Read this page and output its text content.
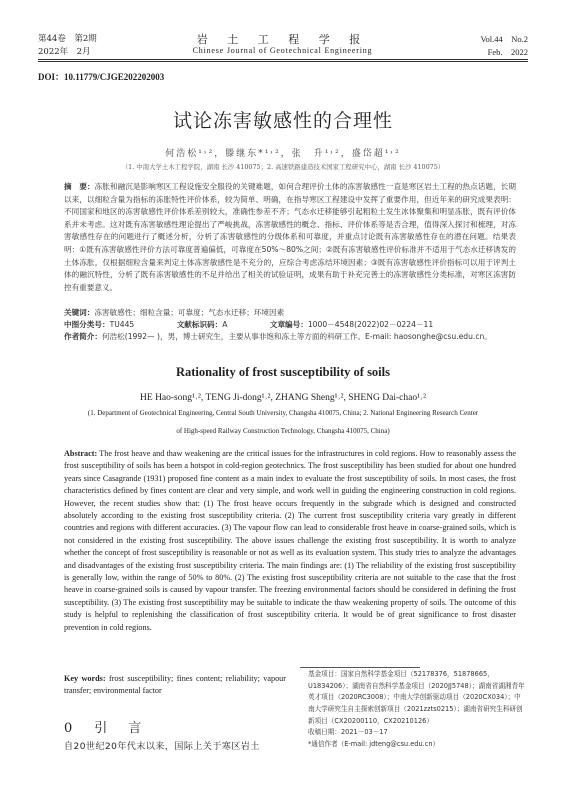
第44卷　第2期
2022年　2月
岩 土 工 程 学 报
Chinese Journal of Geotechnical Engineering
Vol.44　No.2
Feb.　2022
DOI：10.11779/CJGE202202003
试论冻害敏感性的合理性
何浩松¹˒²，滕继东*¹˒²，张　升¹˒²，盛岱超¹˒²
（1. 中南大学土木工程学院，湖南 长沙 410075；2. 高速铁路建造技术国家工程研究中心，湖南 长沙 410075）
摘　要：冻胀和融沉是影响寒区工程设施安全服役的关键难题，如何合理评价土体的冻害敏感性一直是寒区岩土工程的热点话题，长期以来，以细粒含量为指标的冻胀特性评价体系，较为简单、明确，在指导寒区工程建设中发挥了重要作用，但近年来的研究成果表明：不同国家和地区的冻害敏感性评价体系差别较大，准确性参差不齐；气态水迁移能够引起粗粒土发生冰体聚集和明显冻胀，既有评价体系并未考虑。这对既有冻害敏感性理论提出了严峻挑战，冻害敏感性的概念、指标、评价体系等是否合理，值得深入探讨和梳理，对冻害敏感性存在的问题进行了概述分析，分析了冻害敏感性的分级体系和可靠度，并重点讨论既有冻害敏感性存在的潜在问题。结果表明：①既有冻害敏感性评价方法可靠度普遍偏低，可靠度在50%～80%之间；②既有冻害敏感性评价标准并不适用于气态水迁移诱发的土体冻胀，仅根据细粒含量来判定土体冻害敏感性是不充分的，应综合考虑冻结环境因素；③既有冻害敏感性评价指标可以用于评判土体的融沉特性，分析了既有冻害敏感性的不足并给出了相关的试验证明，成果有助于补充完善土的冻害敏感性分类标准，对寒区冻害防控有重要意义。
关键词：冻害敏感性；细粒含量；可靠度；气态水迁移；环境因素
中图分类号：TU445	文献标识码：A	文章编号：1000－4548(2022)02－0224－11
作者简介：何浩松(1992— )，男，博士研究生，主要从事非饱和冻土等方面的科研工作。E-mail: haosonghe@csu.edu.cn。
Rationality of frost susceptibility of soils
HE Hao-song¹˒², TENG Ji-dong¹˒², ZHANG Sheng¹˒², SHENG Dai-chao¹˒²
(1. Department of Geotechnical Engineering, Central South University, Changsha 410075, China; 2. National Engineering Research Center
of High-speed Railway Construction Technology, Changsha 410075, China)
Abstract: The frost heave and thaw weakening are the critical issues for the infrastructures in cold regions. How to reasonably assess the frost susceptibility of soils has been a hotspot in cold-region geotechnics. The frost susceptibility has been studied for about one hundred years since Casagrande (1931) proposed fine content as a main index to evaluate the frost susceptibility of soils. In most cases, the frost characteristics defined by fines content are clear and very simple, and work well in guiding the engineering construction in cold regions. However, the recent studies show that: (1) The frost heave occurs frequently in the subgrade which is designed and constructed absolutely according to the existing frost susceptibility criteria. (2) The current frost susceptibility criteria vary greatly in different countries and regions with different accuracies. (3) The vapour flow can lead to considerable frost heave in coarse-grained soils, which is not considered in the existing frost susceptibility. The above issues challenge the existing frost susceptibility. It is worth to analyze whether the concept of frost susceptibility is reasonable or not as well as its evaluation system. This study tries to analyze the advantages and disadvantages of the existing frost susceptibility criteria. The main findings are: (1) The reliability of the existing frost susceptibility is generally low, within the range of 50% to 80%. (2) The existing frost susceptibility criteria are not suitable to the case that the frost heave in coarse-grained soils is caused by vapour transfer. The freezing environmental factors should be considered in defining the frost susceptibility. (3) The existing frost susceptibility may be suitable to indicate the thaw weakening property of soils. The outcome of this study is helpful to replenishing the classification of frost susceptibility criteria. It would be of great significance to frost disaster prevention in cold regions.
Key words: frost susceptibility; fines content; reliability; vapour transfer; environmental factor
0 引　言
自20世纪20年代末以来，国际上关于寒区岩土
基金项目：国家自然科学基金项目（52178376，51878665，U1834206）；湖南省自然科学基金项目（2020JJ5748）；湖南省湖湘青年英才项目（2020RC3008）；中南大学创新驱动项目（2020CX034）；中南大学研究生自主探索创新项目（2021zzts0215）；湖南省研究生科研创新项目（CX20200110，CX20210126）
收稿日期：2021－03－17
*通信作者（E-mail: jdteng@csu.edu.cn）
